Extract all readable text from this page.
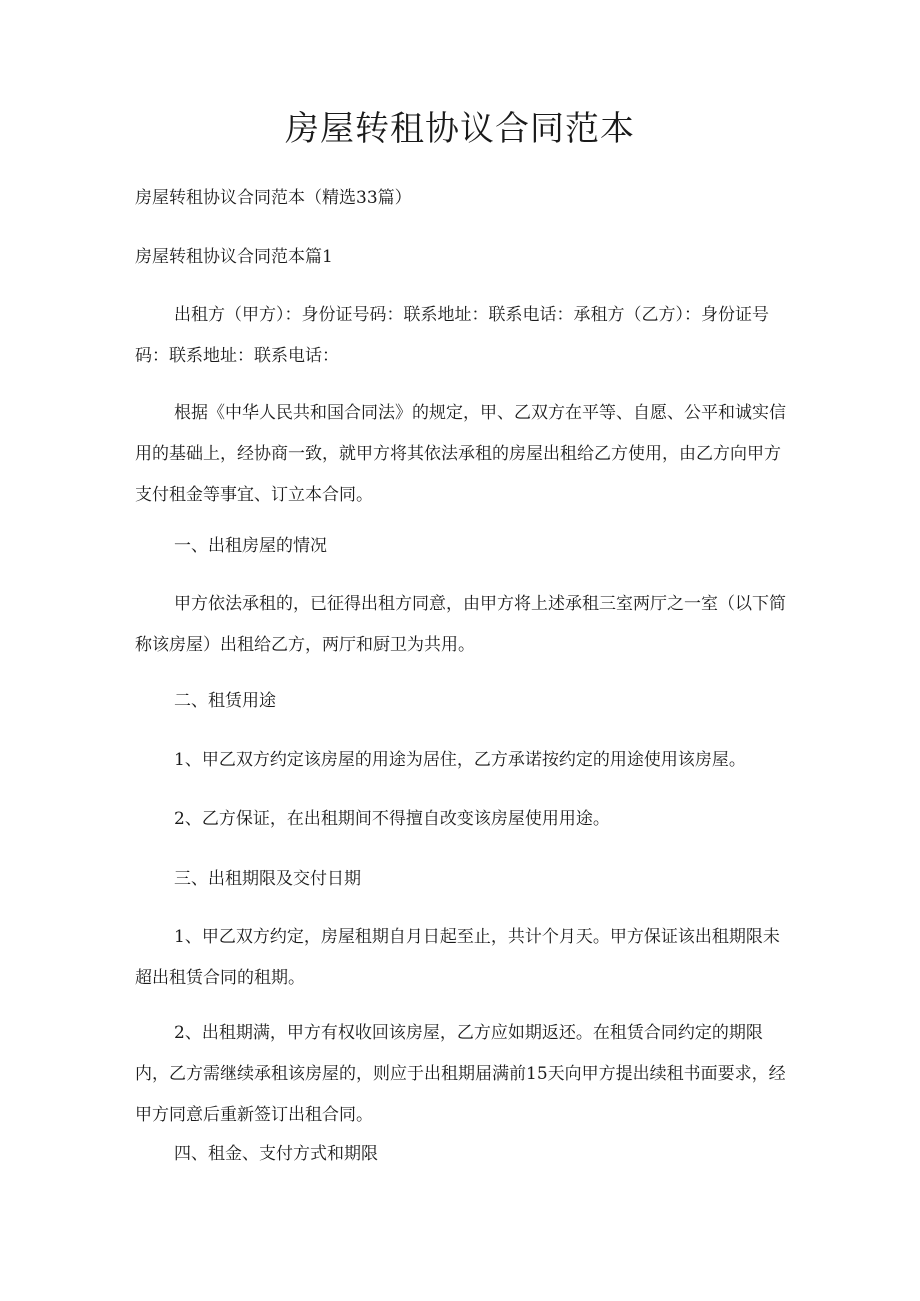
房屋转租协议合同范本
房屋转租协议合同范本（精选33篇）
房屋转租协议合同范本篇1
出租方（甲方）：身份证号码：联系地址：联系电话：承租方（乙方）：身份证号码：联系地址：联系电话：
根据《中华人民共和国合同法》的规定，甲、乙双方在平等、自愿、公平和诚实信用的基础上，经协商一致，就甲方将其依法承租的房屋出租给乙方使用，由乙方向甲方支付租金等事宜、订立本合同。
一、出租房屋的情况
甲方依法承租的，已征得出租方同意，由甲方将上述承租三室两厅之一室（以下简称该房屋）出租给乙方，两厅和厨卫为共用。
二、租赁用途
1、甲乙双方约定该房屋的用途为居住，乙方承诺按约定的用途使用该房屋。
2、乙方保证，在出租期间不得擅自改变该房屋使用用途。
三、出租期限及交付日期
1、甲乙双方约定，房屋租期自月日起至止，共计个月天。甲方保证该出租期限未超出租赁合同的租期。
2、出租期满，甲方有权收回该房屋，乙方应如期返还。在租赁合同约定的期限内，乙方需继续承租该房屋的，则应于出租期届满前15天向甲方提出续租书面要求，经甲方同意后重新签订出租合同。
四、租金、支付方式和期限
